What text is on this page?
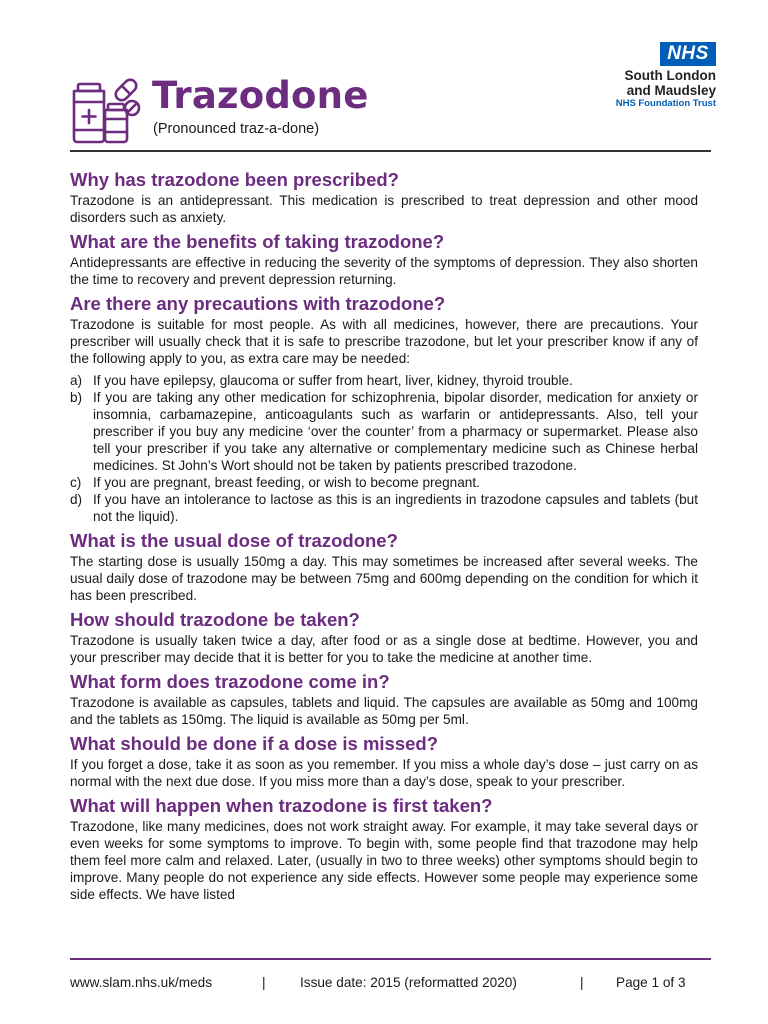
Trazodone
(Pronounced traz-a-done)
NHS
South London
and Maudsley
NHS Foundation Trust
Why has trazodone been prescribed?

Trazodone is an antidepressant. This medication is prescribed to treat depression and other mood disorders such as anxiety.

What are the benefits of taking trazodone?

Antidepressants are effective in reducing the severity of the symptoms of depression. They also shorten the time to recovery and prevent depression returning.

Are there any precautions with trazodone?

Trazodone is suitable for most people. As with all medicines, however, there are precautions. Your prescriber will usually check that it is safe to prescribe trazodone, but let your prescriber know if any of the following apply to you, as extra care may be needed:

a) If you have epilepsy, glaucoma or suffer from heart, liver, kidney, thyroid trouble.
b) If you are taking any other medication for schizophrenia, bipolar disorder, medication for anxiety or insomnia, carbamazepine, anticoagulants such as warfarin or antidepressants. Also, tell your prescriber if you buy any medicine ‘over the counter’ from a pharmacy or supermarket. Please also tell your prescriber if you take any alternative or complementary medicine such as Chinese herbal medicines. St John’s Wort should not be taken by patients prescribed trazodone.
c) If you are pregnant, breast feeding, or wish to become pregnant.
d) If you have an intolerance to lactose as this is an ingredients in trazodone capsules and tablets (but not the liquid).
What is the usual dose of trazodone?

The starting dose is usually 150mg a day. This may sometimes be increased after several weeks. The usual daily dose of trazodone may be between 75mg and 600mg depending on the condition for which it has been prescribed.

How should trazodone be taken?

Trazodone is usually taken twice a day, after food or as a single dose at bedtime. However, you and your prescriber may decide that it is better for you to take the medicine at another time.

What form does trazodone come in?

Trazodone is available as capsules, tablets and liquid. The capsules are available as 50mg and 100mg and the tablets as 150mg. The liquid is available as 50mg per 5ml.

What should be done if a dose is missed?

If you forget a dose, take it as soon as you remember. If you miss a whole day’s dose – just carry on as normal with the next due dose. If you miss more than a day’s dose, speak to your prescriber.

What will happen when trazodone is first taken?

Trazodone, like many medicines, does not work straight away. For example, it may take several days or even weeks for some symptoms to improve. To begin with, some people find that trazodone may help them feel more calm and relaxed. Later, (usually in two to three weeks) other symptoms should begin to improve. Many people do not experience any side effects. However some people may experience some side effects. We have listed

www.slam.nhs.uk/meds	|	Issue date: 2015 (reformatted 2020)	| Page 1 of 3
